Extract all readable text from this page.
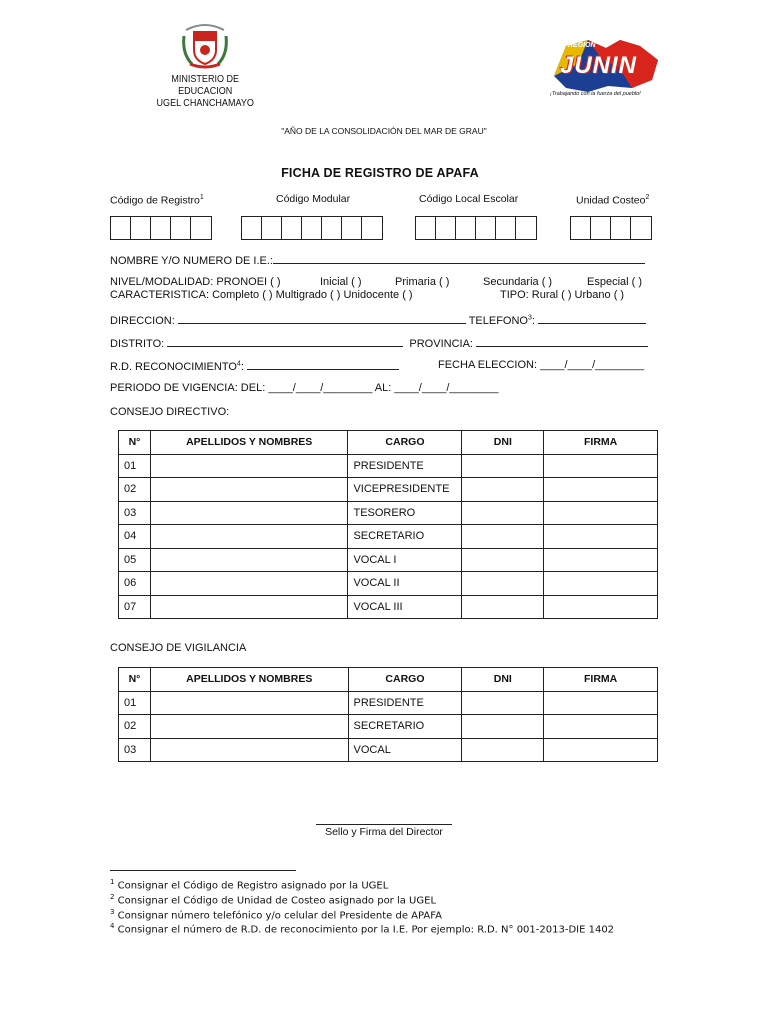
MINISTERIO DE EDUCACION
UGEL CHANCHAMAYO
REGION
JUNIN
¡Trabajando con la fuerza del pueblo!
"AÑO DE LA CONSOLIDACIÓN DEL MAR DE GRAU"
FICHA DE REGISTRO DE APAFA
Código de Registro$^1$	Código Modular	Código Local Escolar	Unidad Costeo$^2$
NOMBRE Y/O NUMERO DE I.E.:
NIVEL/MODALIDAD: PRONOEI ( )	Inicial ( )	Primaria ( )	Secundaria ( )	Especial ( )
CARACTERISTICA: Completo ( ) Multigrado ( ) Unidocente ( )	TIPO: Rural ( ) Urbano ( )
DIRECCION:	TELEFONO$^3$:
DISTRITO:	PROVINCIA:
R.D. RECONOCIMIENTO$^4$:	FECHA ELECCION: ____/____/________
PERIODO DE VIGENCIA: DEL: ____/____/________ AL: ____/____/________
CONSEJO DIRECTIVO:
N°	APELLIDOS Y NOMBRES	CARGO	DNI	FIRMA
01		PRESIDENTE		
02		VICEPRESIDENTE		
03		TESORERO		
04		SECRETARIO		
05		VOCAL I		
06		VOCAL II		
07		VOCAL III		
CONSEJO DE VIGILANCIA
N°	APELLIDOS Y NOMBRES	CARGO	DNI	FIRMA
01		PRESIDENTE		
02		SECRETARIO		
03		VOCAL		
Sello y Firma del Director
$^1$ Consignar el Código de Registro asignado por la UGEL
$^2$ Consignar el Código de Unidad de Costeo asignado por la UGEL
$^3$ Consignar número telefónico y/o celular del Presidente de APAFA
$^4$ Consignar el número de R.D. de reconocimiento por la I.E. Por ejemplo: R.D. N° 001-2013-DIE 1402
